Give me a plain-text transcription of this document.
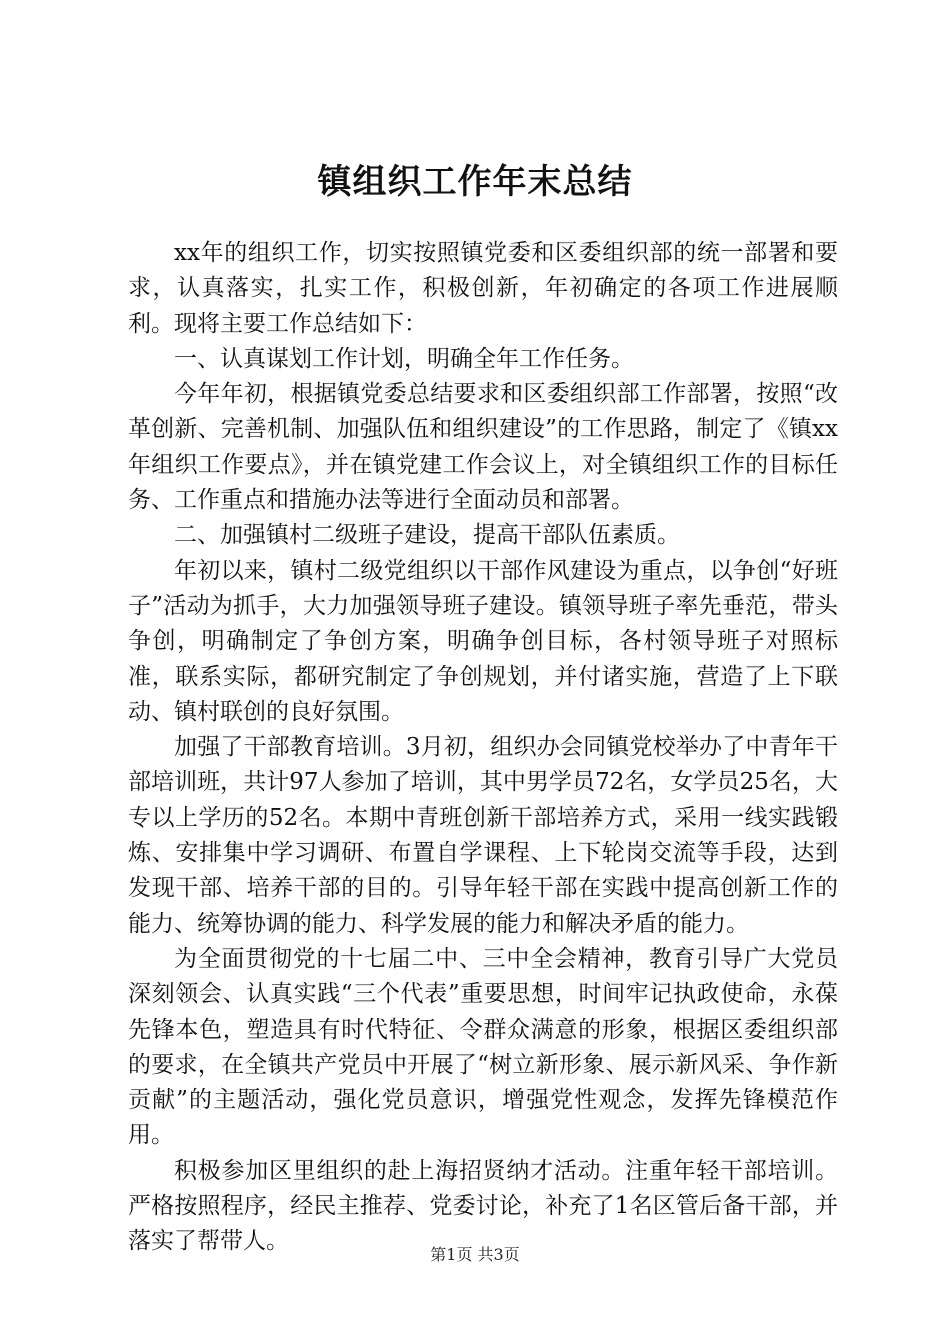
镇组织工作年末总结

xx年的组织工作，切实按照镇党委和区委组织部的统一部署和要求，认真落实，扎实工作，积极创新，年初确定的各项工作进展顺利。现将主要工作总结如下：

一、认真谋划工作计划，明确全年工作任务。

今年年初，根据镇党委总结要求和区委组织部工作部署，按照“改革创新、完善机制、加强队伍和组织建设”的工作思路，制定了《镇xx年组织工作要点》，并在镇党建工作会议上，对全镇组织工作的目标任务、工作重点和措施办法等进行全面动员和部署。

二、加强镇村二级班子建设，提高干部队伍素质。

年初以来，镇村二级党组织以干部作风建设为重点，以争创“好班子”活动为抓手，大力加强领导班子建设。镇领导班子率先垂范，带头争创，明确制定了争创方案，明确争创目标，各村领导班子对照标准，联系实际，都研究制定了争创规划，并付诸实施，营造了上下联动、镇村联创的良好氛围。

加强了干部教育培训。3月初，组织办会同镇党校举办了中青年干部培训班，共计97人参加了培训，其中男学员72名，女学员25名，大专以上学历的52名。本期中青班创新干部培养方式，采用一线实践锻炼、安排集中学习调研、布置自学课程、上下轮岗交流等手段，达到发现干部、培养干部的目的。引导年轻干部在实践中提高创新工作的能力、统筹协调的能力、科学发展的能力和解决矛盾的能力。

为全面贯彻党的十七届二中、三中全会精神，教育引导广大党员深刻领会、认真实践“三个代表”重要思想，时间牢记执政使命，永葆先锋本色，塑造具有时代特征、令群众满意的形象，根据区委组织部的要求，在全镇共产党员中开展了“树立新形象、展示新风采、争作新贡献”的主题活动，强化党员意识，增强党性观念，发挥先锋模范作用。

积极参加区里组织的赴上海招贤纳才活动。注重年轻干部培训。严格按照程序，经民主推荐、党委讨论，补充了1名区管后备干部，并落实了帮带人。

第1页 共3页
